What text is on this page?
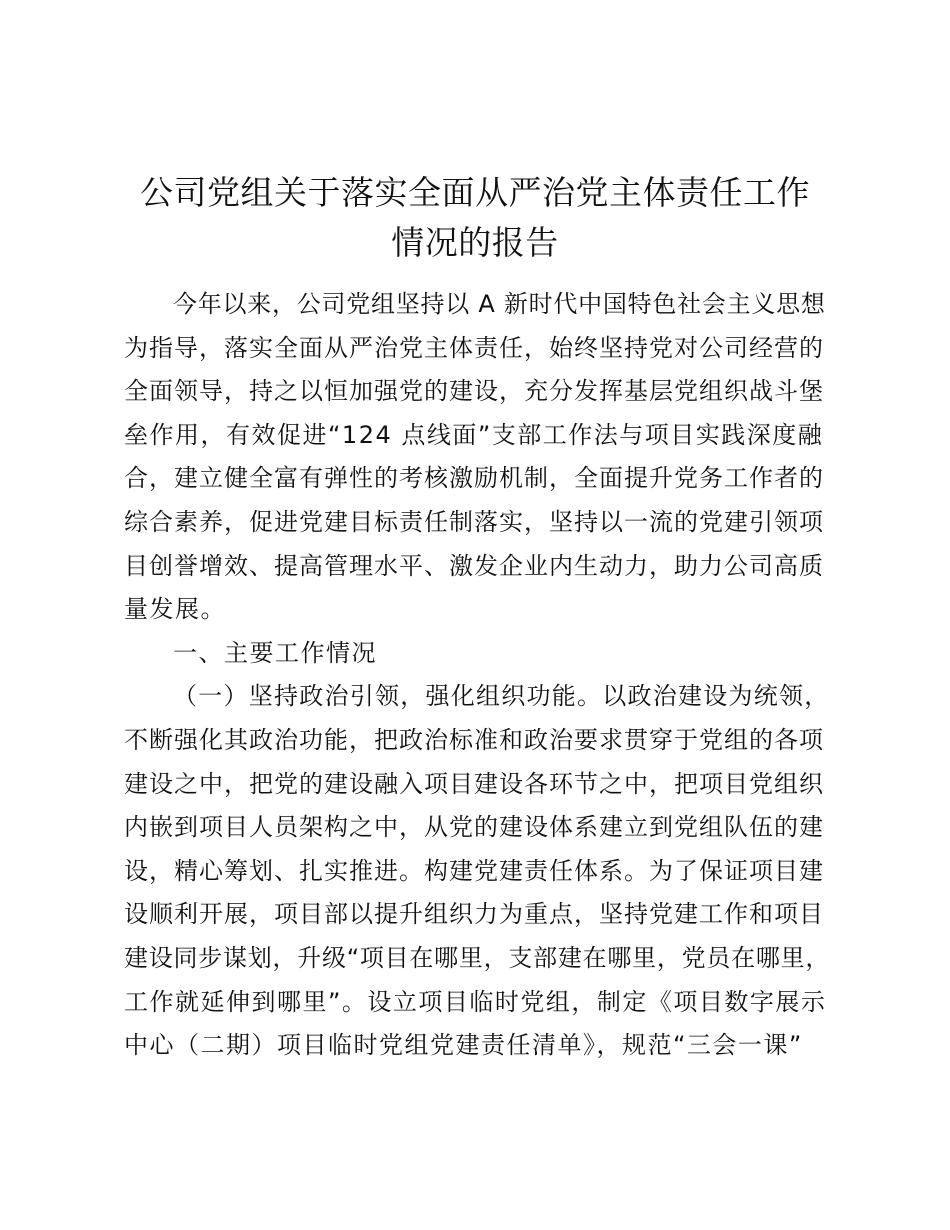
公司党组关于落实全面从严治党主体责任工作
情况的报告
今年以来，公司党组坚持以 A 新时代中国特色社会主义思想
为指导，落实全面从严治党主体责任，始终坚持党对公司经营的
全面领导，持之以恒加强党的建设，充分发挥基层党组织战斗堡
垒作用，有效促进“124 点线面”支部工作法与项目实践深度融
合，建立健全富有弹性的考核激励机制，全面提升党务工作者的
综合素养，促进党建目标责任制落实，坚持以一流的党建引领项
目创誉增效、提高管理水平、激发企业内生动力，助力公司高质
量发展。
一、主要工作情况
（一）坚持政治引领，强化组织功能。以政治建设为统领，
不断强化其政治功能，把政治标准和政治要求贯穿于党组的各项
建设之中，把党的建设融入项目建设各环节之中，把项目党组织
内嵌到项目人员架构之中，从党的建设体系建立到党组队伍的建
设，精心筹划、扎实推进。构建党建责任体系。为了保证项目建
设顺利开展，项目部以提升组织力为重点，坚持党建工作和项目
建设同步谋划，升级“项目在哪里，支部建在哪里，党员在哪里，
工作就延伸到哪里”。设立项目临时党组，制定《项目数字展示
中心（二期）项目临时党组党建责任清单》，规范“三会一课”
